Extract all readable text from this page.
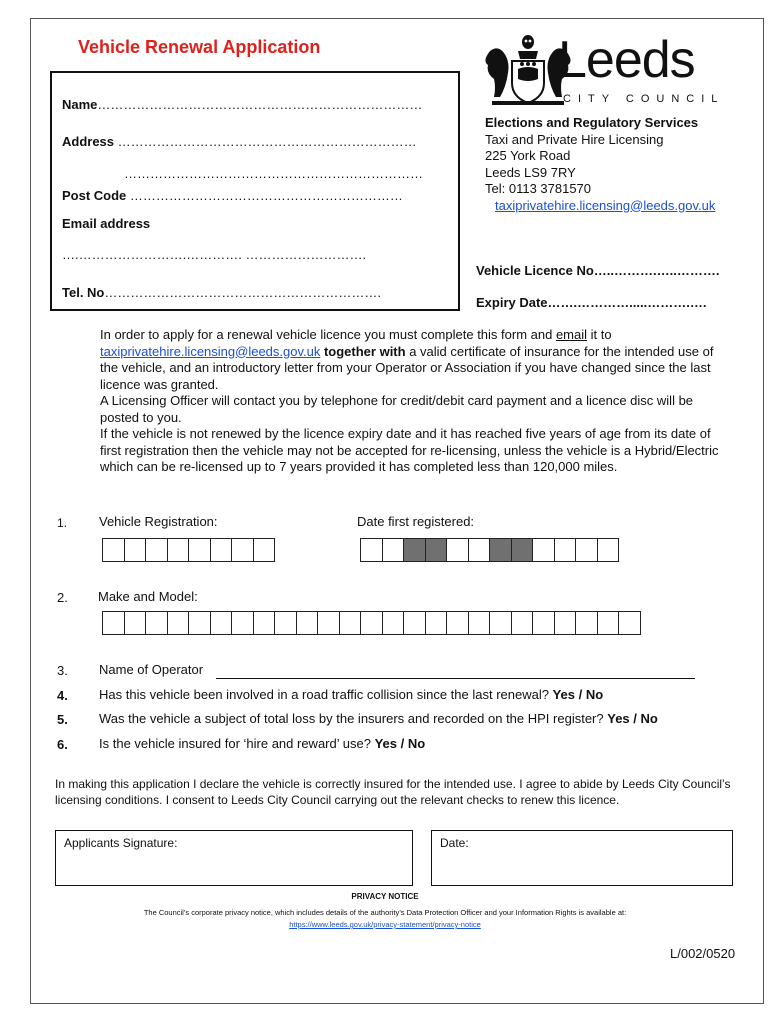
Vehicle Renewal Application
Name…………………………………………………………………
Address ……………………………………………………………
……………………………………………………………
Post Code ………………………………………………………
Email address
….…………………….…………. ……………………….
Tel. No……………………………………………………….
Leeds
CITY COUNCIL
Elections and Regulatory Services
Taxi and Private Hire Licensing
225 York Road
Leeds LS9 7RY
Tel: 0113 3781570
taxiprivatehire.licensing@leeds.gov.uk
Vehicle Licence No…..……….…..……….
Expiry Date…….………….....……….….

In order to apply for a renewal vehicle licence you must complete this form and email it to taxiprivatehire.licensing@leeds.gov.uk together with a valid certificate of insurance for the intended use of the vehicle, and an introductory letter from your Operator or Association if you have changed since the last licence was granted.

A Licensing Officer will contact you by telephone for credit/debit card payment and a licence disc will be posted to you.

If the vehicle is not renewed by the licence expiry date and it has reached five years of age from its date of first registration then the vehicle may not be accepted for re-licensing, unless the vehicle is a Hybrid/Electric which can be re-licensed up to 7 years provided it has completed less than 120,000 miles.

1. Vehicle Registration:	Date first registered:
2. Make and Model:
3. Name of Operator
4. Has this vehicle been involved in a road traffic collision since the last renewal? Yes / No
5. Was the vehicle a subject of total loss by the insurers and recorded on the HPI register? Yes / No
6. Is the vehicle insured for ‘hire and reward’ use? Yes / No
In making this application I declare the vehicle is correctly insured for the intended use. I agree to abide by Leeds City Council’s licensing conditions. I consent to Leeds City Council carrying out the relevant checks to renew this licence.
Applicants Signature:	Date:
PRIVACY NOTICE
The Council’s corporate privacy notice, which includes details of the authority’s Data Protection Officer and your Information Rights is available at:
https://www.leeds.gov.uk/privacy-statement/privacy-notice
L/002/0520
